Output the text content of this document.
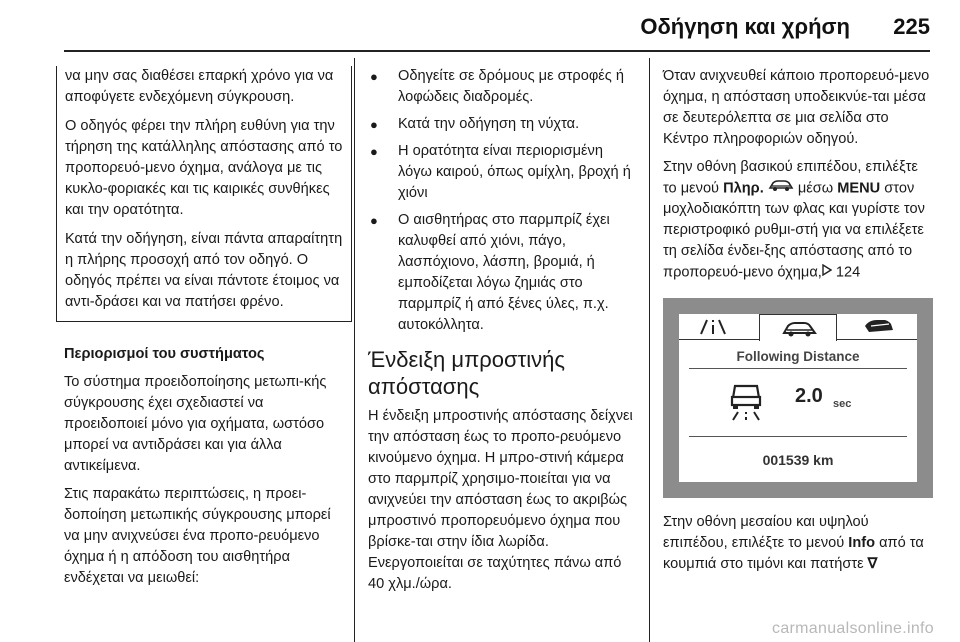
Οδήγηση και χρήση 225

να μην σας διαθέσει επαρκή χρόνο για να αποφύγετε ενδεχόμενη σύγκρουση.

Ο οδηγός φέρει την πλήρη ευθύνη για την τήρηση της κατάλληλης απόστασης από το προπορευό-μενο όχημα, ανάλογα με τις κυκλο-φοριακές και τις καιρικές συνθήκες και την ορατότητα.

Κατά την οδήγηση, είναι πάντα απαραίτητη η πλήρης προσοχή από τον οδηγό. Ο οδηγός πρέπει να είναι πάντοτε έτοιμος να αντι-δράσει και να πατήσει φρένο.

Περιορισμοί του συστήματος

Το σύστημα προειδοποίησης μετωπι-κής σύγκρουσης έχει σχεδιαστεί να προειδοποιεί μόνο για οχήματα, ωστόσο μπορεί να αντιδράσει και για άλλα αντικείμενα.

Στις παρακάτω περιπτώσεις, η προει-δοποίηση μετωπικής σύγκρουσης μπορεί να μην ανιχνεύσει ένα προπο-ρευόμενο όχημα ή η απόδοση του αισθητήρα ενδέχεται να μειωθεί:

● Οδηγείτε σε δρόμους με στροφές ή λοφώδεις διαδρομές.
● Κατά την οδήγηση τη νύχτα.
● Η ορατότητα είναι περιορισμένη λόγω καιρού, όπως ομίχλη, βροχή ή χιόνι
● Ο αισθητήρας στο παρμπρίζ έχει καλυφθεί από χιόνι, πάγο, λασπόχιονο, λάσπη, βρομιά, ή εμποδίζεται λόγω ζημιάς στο παρμπρίζ ή από ξένες ύλες, π.χ. αυτοκόλλητα.
Ένδειξη μπροστινής απόστασης

Η ένδειξη μπροστινής απόστασης δείχνει την απόσταση έως το προπο-ρευόμενο κινούμενο όχημα. Η μπρο-στινή κάμερα στο παρμπρίζ χρησιμο-ποιείται για να ανιχνεύει την απόσταση έως το ακριβώς μπροστινό προπορευόμενο όχημα που βρίσκε-ται στην ίδια λωρίδα. Ενεργοποιείται σε ταχύτητες πάνω από 40 χλμ./ώρα.

Όταν ανιχνευθεί κάποιο προπορευό-μενο όχημα, η απόσταση υποδεικνύε-ται μέσα σε δευτερόλεπτα σε μια σελίδα στο Κέντρο πληροφοριών οδηγού.

Στην οθόνη βασικού επιπέδου, επιλέξτε το μενού Πληρ.  μέσω MENU στον μοχλοδιακόπτη των φλας και γυρίστε τον περιστροφικό ρυθμι-στή για να επιλέξετε τη σελίδα ένδει-ξης απόστασης από το προπορευό-μενο όχημα, 124

Following Distance
2.0 sec
001539 km

Στην οθόνη μεσαίου και υψηλού επιπέδου, επιλέξτε το μενού Info από τα κουμπιά στο τιμόνι και πατήστε ∇

carmanualsonline.info
